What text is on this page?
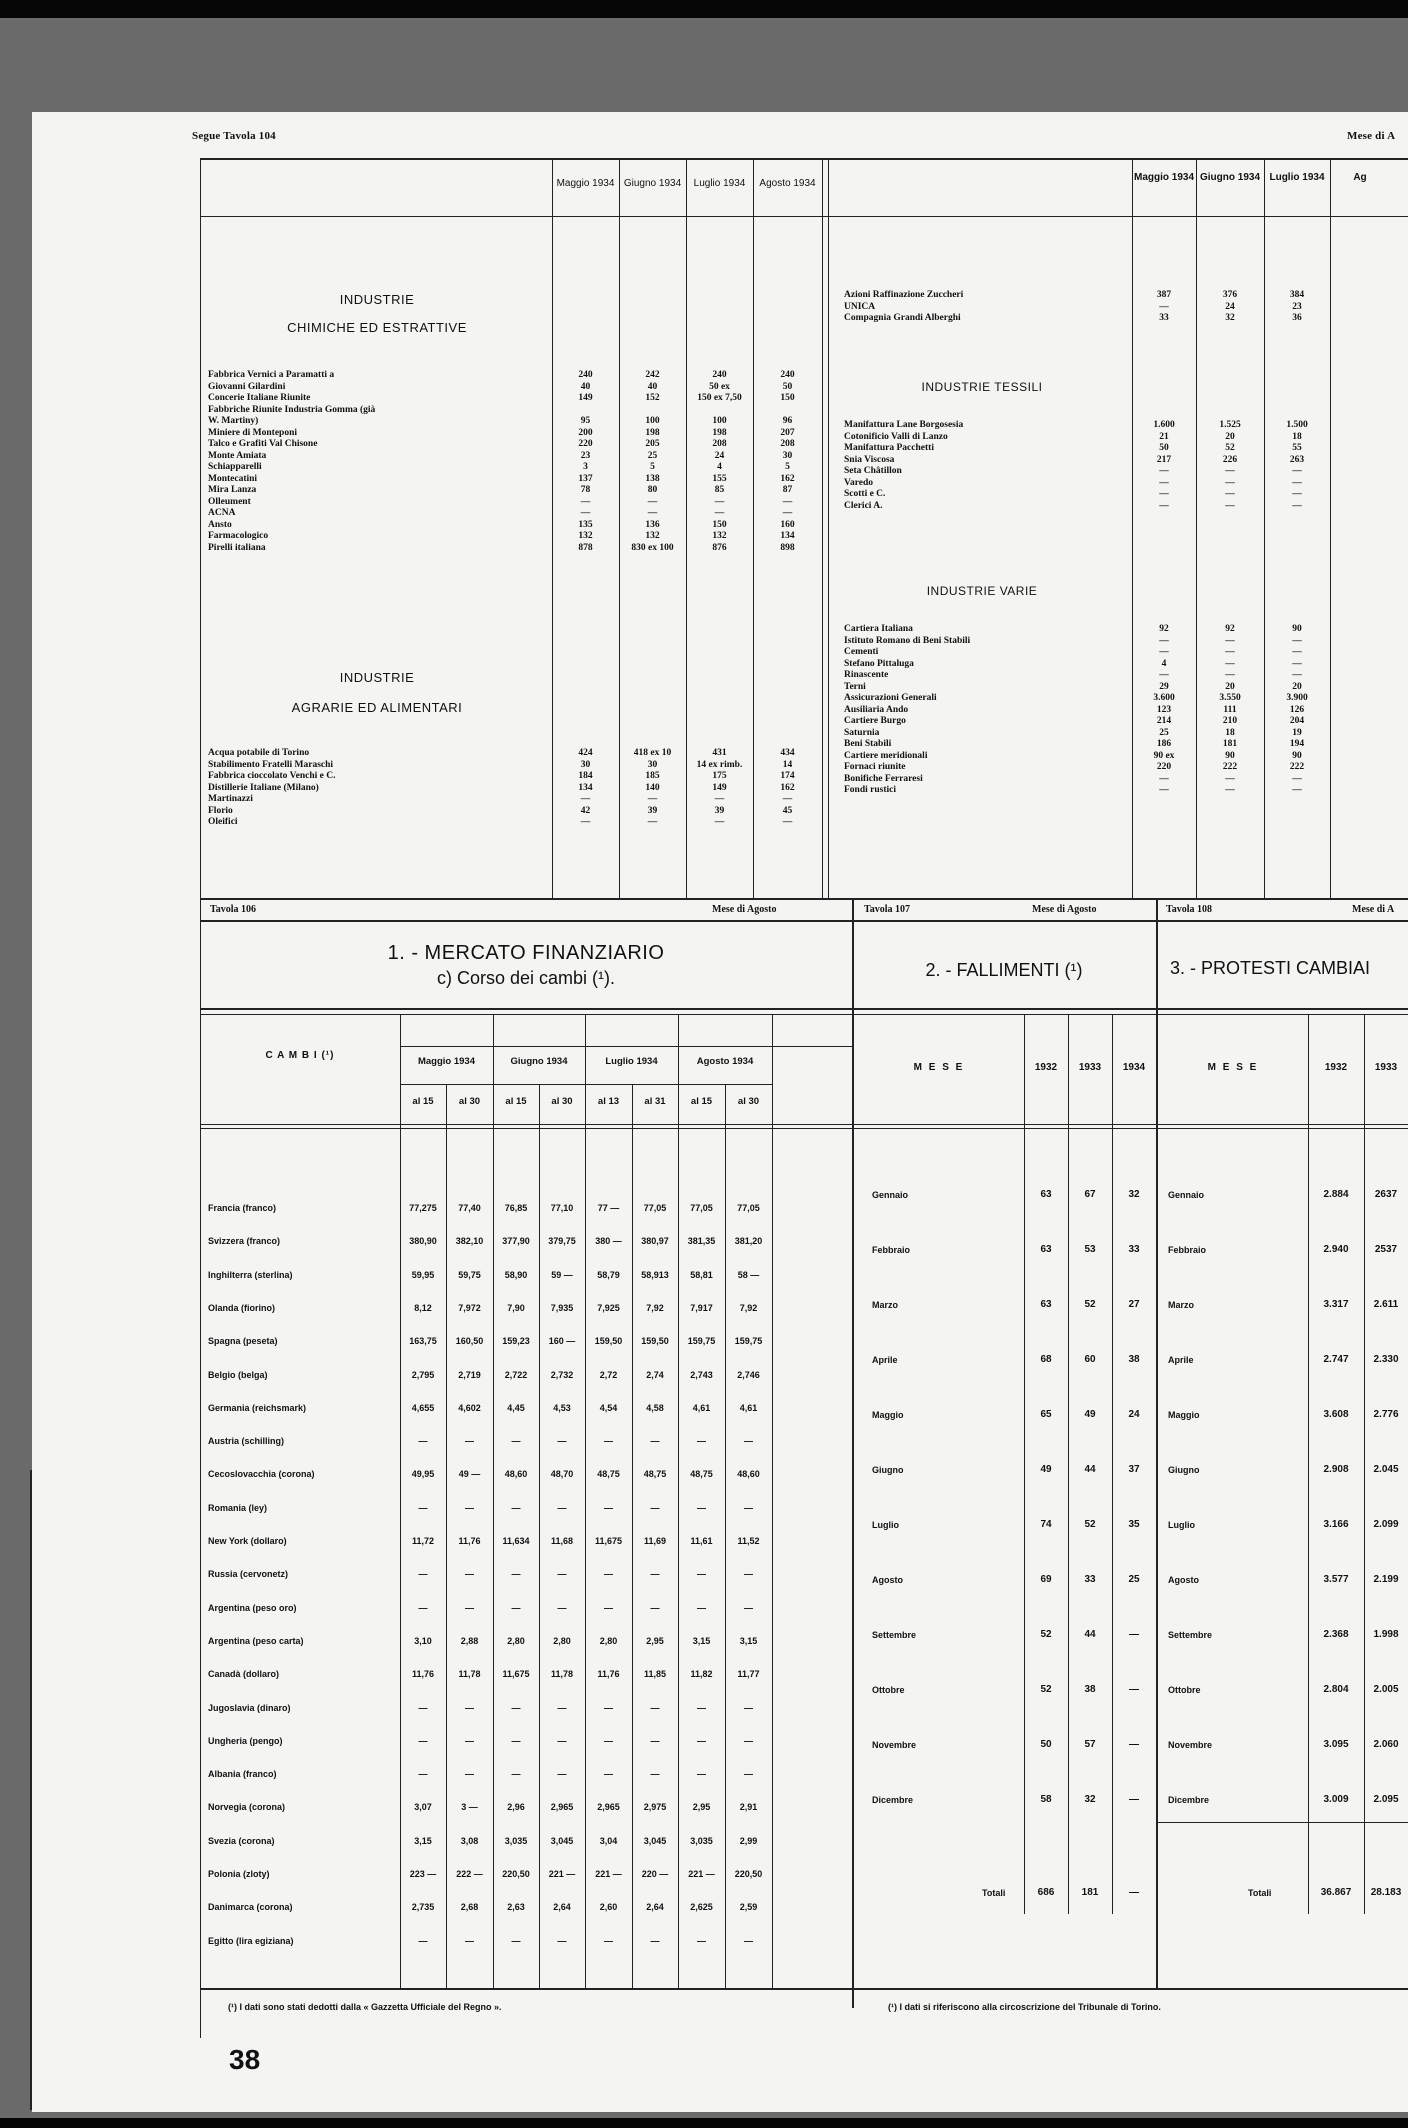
Segue Tavola 104	Mese di A
Maggio 1934 Giugno 1934	Luglio 1934	Agosto 1934
INDUSTRIE
CHIMICHE ED ESTRATTIVE
Fabbrica Vernici a Paramatti a	240	242	240	240
Giovanni Gilardini	40	40	50 ex	50
Concerie Italiane Riunite	149	152	150 ex 7,50	150
Fabbriche Riunite Industria Gomma (già
W. Martiny)	95	100	100	96
Miniere di Monteponi	200	198	198	207
Talco e Grafiti Val Chisone	220	205	208	208
Monte Amiata	23	25	24	30
Schiapparelli	3	5	4	5
Montecatini	137	138	155	162
Mira Lanza	78	80	85	87
Olleument	—	—	—	—
ACNA	—	—	—	—
Ansto	135	136	150	160
Farmacologico	132	132	132	134
Pirelli italiana	878	830 ex 100	876	898
INDUSTRIE
AGRARIE ED ALIMENTARI
Acqua potabile di Torino	424	418 ex 10	431	434
Stabilimento Fratelli Maraschi	30	30	14 ex rimb.	14
Fabbrica cioccolato Venchi e C.	184	185	175	174
Distillerie Italiane (Milano)	134	140	149	162
Martinazzi	—	—	—	—
Florio	42	39	39	45
Oleifici	—	—	—	—
Maggio 1934 Giugno 1934 Luglio 1934	Ag
Azioni Raffinazione Zuccheri	387	376	384
UNICA	—	24	23
Compagnia Grandi Alberghi	33	32	36
INDUSTRIE TESSILI
Manifattura Lane Borgosesia	1.600	1.525	1.500
Cotonificio Valli di Lanzo	21	20	18
Manifattura Pacchetti	50	52	55
Snia Viscosa	217	226	263
Seta Châtillon	—	—	—
Varedo	—	—	—
Scotti e C.	—	—	—
Clerici A.	—	—	—
INDUSTRIE VARIE
Cartiera Italiana	92	92	90
Istituto Romano di Beni Stabili	—	—	—
Cementi	—	—	—
Stefano Pittaluga	4	—	—
Rinascente	—	—	—
Terni	29	20	20
Assicurazioni Generali	3.600	3.550	3.900
Ausiliaria Ando	123	111	126
Cartiere Burgo	214	210	204
Saturnia	25	18	19
Beni Stabili	186	181	194
Cartiere meridionali	90 ex	90	90
Fornaci riunite	220	222	222
Bonifiche Ferraresi	—	—	—
Fondi rustici	—	—	—
Tavola 106	Mese di Agosto
1. - MERCATO FINANZIARIO
c) Corso dei cambi (¹).
C A M B I (¹)
Maggio 1934	Giugno 1934	Luglio 1934	Agosto 1934
al 15	al 30	al 15	al 30	al 13	al 31	al 15	al 30
Francia (franco)	77,275	77,40	76,85	77,10	77 —	77,05	77,05	77,05
Svizzera (franco)	380,90	382,10	377,90	379,75	380 —	380,97	381,35	381,20
Inghilterra (sterlina)	59,95	59,75	58,90	59 —	58,79	58,913	58,81	58 —
Olanda (fiorino)	8,12	7,972	7,90	7,935	7,925	7,92	7,917	7,92
Spagna (peseta)	163,75	160,50	159,23	160 —	159,50	159,50	159,75	159,75
Belgio (belga)	2,795	2,719	2,722	2,732	2,72	2,74	2,743	2,746
Germania (reichsmark)	4,655	4,602	4,45	4,53	4,54	4,58	4,61	4,61
Austria (schilling)	—	—	—	—	—	—	—	—
Cecoslovacchia (corona)	49,95	49 —	48,60	48,70	48,75	48,75	48,75	48,60
Romania (ley)	—	—	—	—	—	—	—	—
New York (dollaro)	11,72	11,76	11,634	11,68	11,675	11,69	11,61	11,52
Russia (cervonetz)	—	—	—	—	—	—	—	—
Argentina (peso oro)	—	—	—	—	—	—	—	—
Argentina (peso carta)	3,10	2,88	2,80	2,80	2,80	2,95	3,15	3,15
Canadà (dollaro)	11,76	11,78	11,675	11,78	11,76	11,85	11,82	11,77
Jugoslavia (dinaro)	—	—	—	—	—	—	—	—
Ungheria (pengo)	—	—	—	—	—	—	—	—
Albania (franco)	—	—	—	—	—	—	—	—
Norvegia (corona)	3,07	3 —	2,96	2,965	2,965	2,975	2,95	2,91
Svezia (corona)	3,15	3,08	3,035	3,045	3,04	3,045	3,035	2,99
Polonia (zloty)	223 —	222 —	220,50	221 —	221 —	220 —	221 —	220,50
Danimarca (corona)	2,735	2,68	2,63	2,64	2,60	2,64	2,625	2,59
Egitto (lira egiziana)	—	—	—	—	—	—	—	—
(¹) I dati sono stati dedotti dalla « Gazzetta Ufficiale del Regno ».
Tavola 107	Mese di Agosto
2. - FALLIMENTI (¹)
M E S E	1932	1933	1934
Gennaio	63	67	32
Febbraio	63	53	33
Marzo	63	52	27
Aprile	68	60	38
Maggio	65	49	24
Giugno	49	44	37
Luglio	74	52	35
Agosto	69	33	25
Settembre	52	44	—
Ottobre	52	38	—
Novembre	50	57	—
Dicembre	58	32	—
Totali	686	181	—
(¹) I dati si riferiscono alla circoscrizione del Tribunale di Torino.
Tavola 108	Mese di A
3. - PROTESTI CAMBIAI
M E S E	1932	1933
Gennaio	2.884	2637
Febbraio	2.940	2537
Marzo	3.317	2.611
Aprile	2.747	2.330
Maggio	3.608	2.776
Giugno	2.908	2.045
Luglio	3.166	2.099
Agosto	3.577	2.199
Settembre	2.368	1.998
Ottobre	2.804	2.005
Novembre	3.095	2.060
Dicembre	3.009	2.095
Totali	36.867	28.183
38
